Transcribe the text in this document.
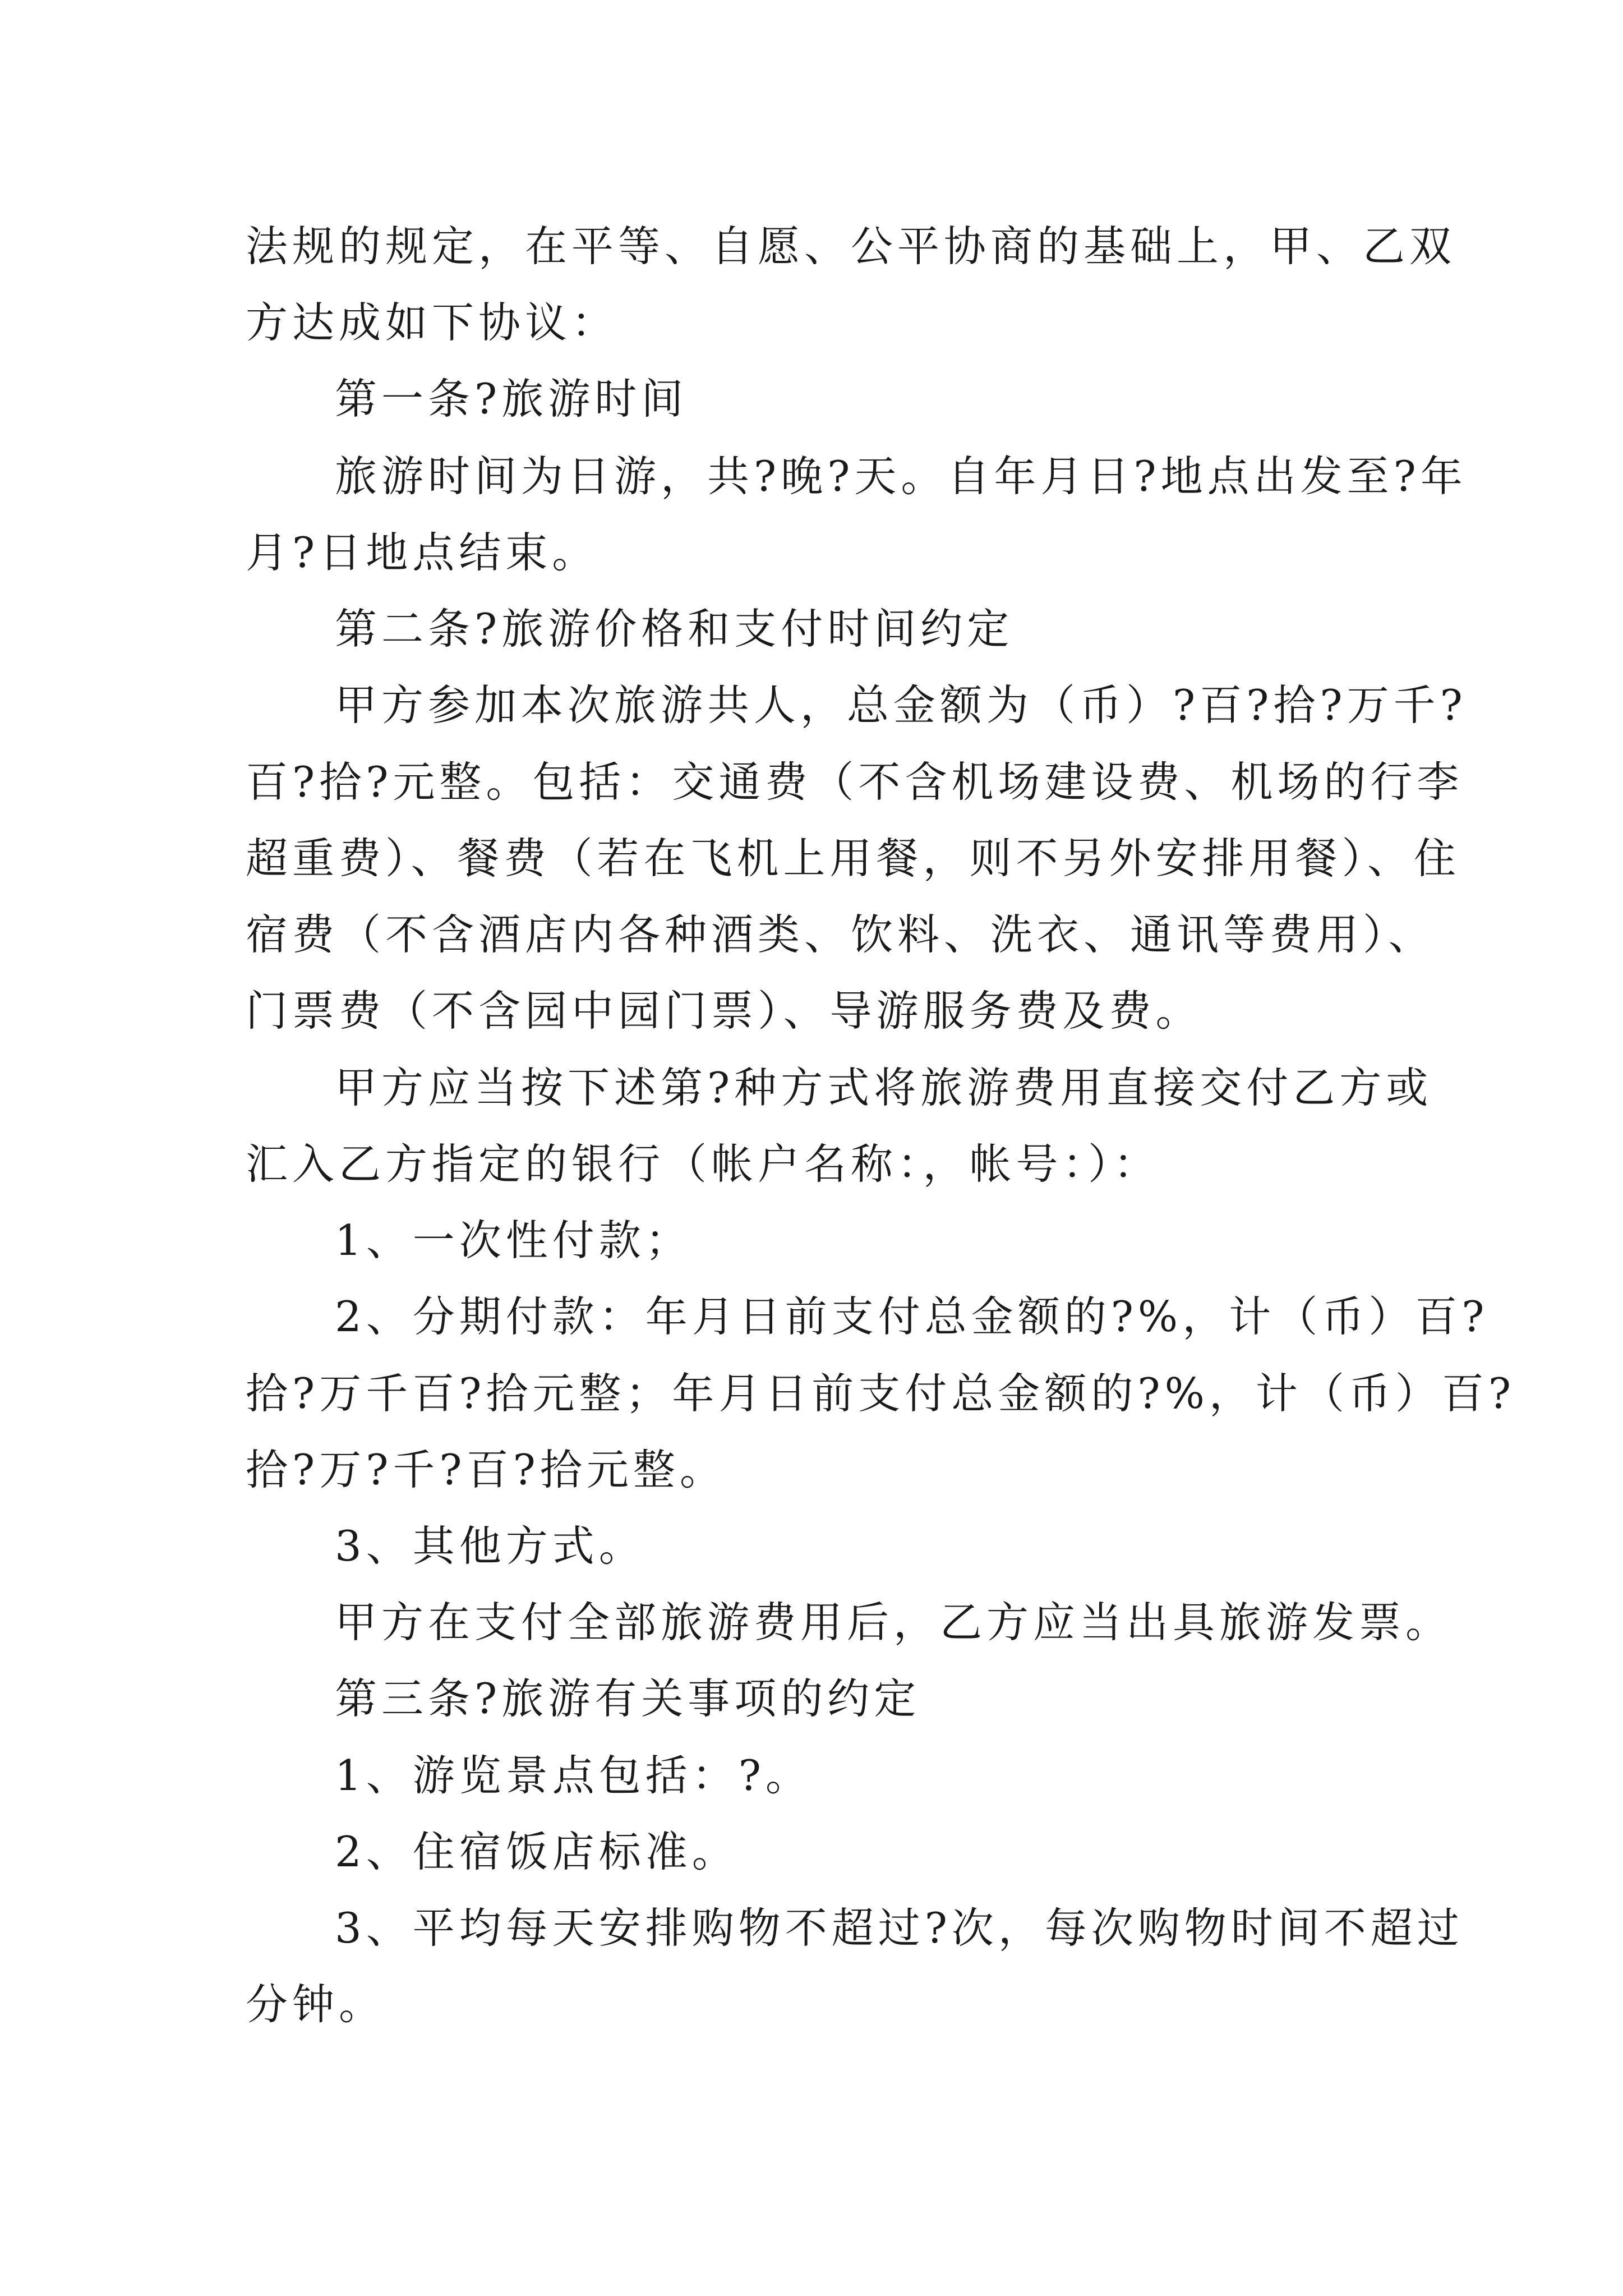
法规的规定，在平等、自愿、公平协商的基础上，甲、乙双
方达成如下协议：
第一条?旅游时间
旅游时间为日游，共?晚?天。自年月日?地点出发至?年
月?日地点结束。
第二条?旅游价格和支付时间约定
甲方参加本次旅游共人，总金额为（币）?百?拾?万千?
百?拾?元整。包括：交通费（不含机场建设费、机场的行李
超重费）、餐费（若在飞机上用餐，则不另外安排用餐）、住
宿费（不含酒店内各种酒类、饮料、洗衣、通讯等费用）、
门票费（不含园中园门票）、导游服务费及费。
甲方应当按下述第?种方式将旅游费用直接交付乙方或
汇入乙方指定的银行（帐户名称：，帐号：）：
1、一次性付款；
2、分期付款：年月日前支付总金额的?%，计（币）百?
拾?万千百?拾元整；年月日前支付总金额的?%，计（币）百?
拾?万?千?百?拾元整。
3、其他方式。
甲方在支付全部旅游费用后，乙方应当出具旅游发票。
第三条?旅游有关事项的约定
1、游览景点包括：?。
2、住宿饭店标准。
3、平均每天安排购物不超过?次，每次购物时间不超过
分钟。
